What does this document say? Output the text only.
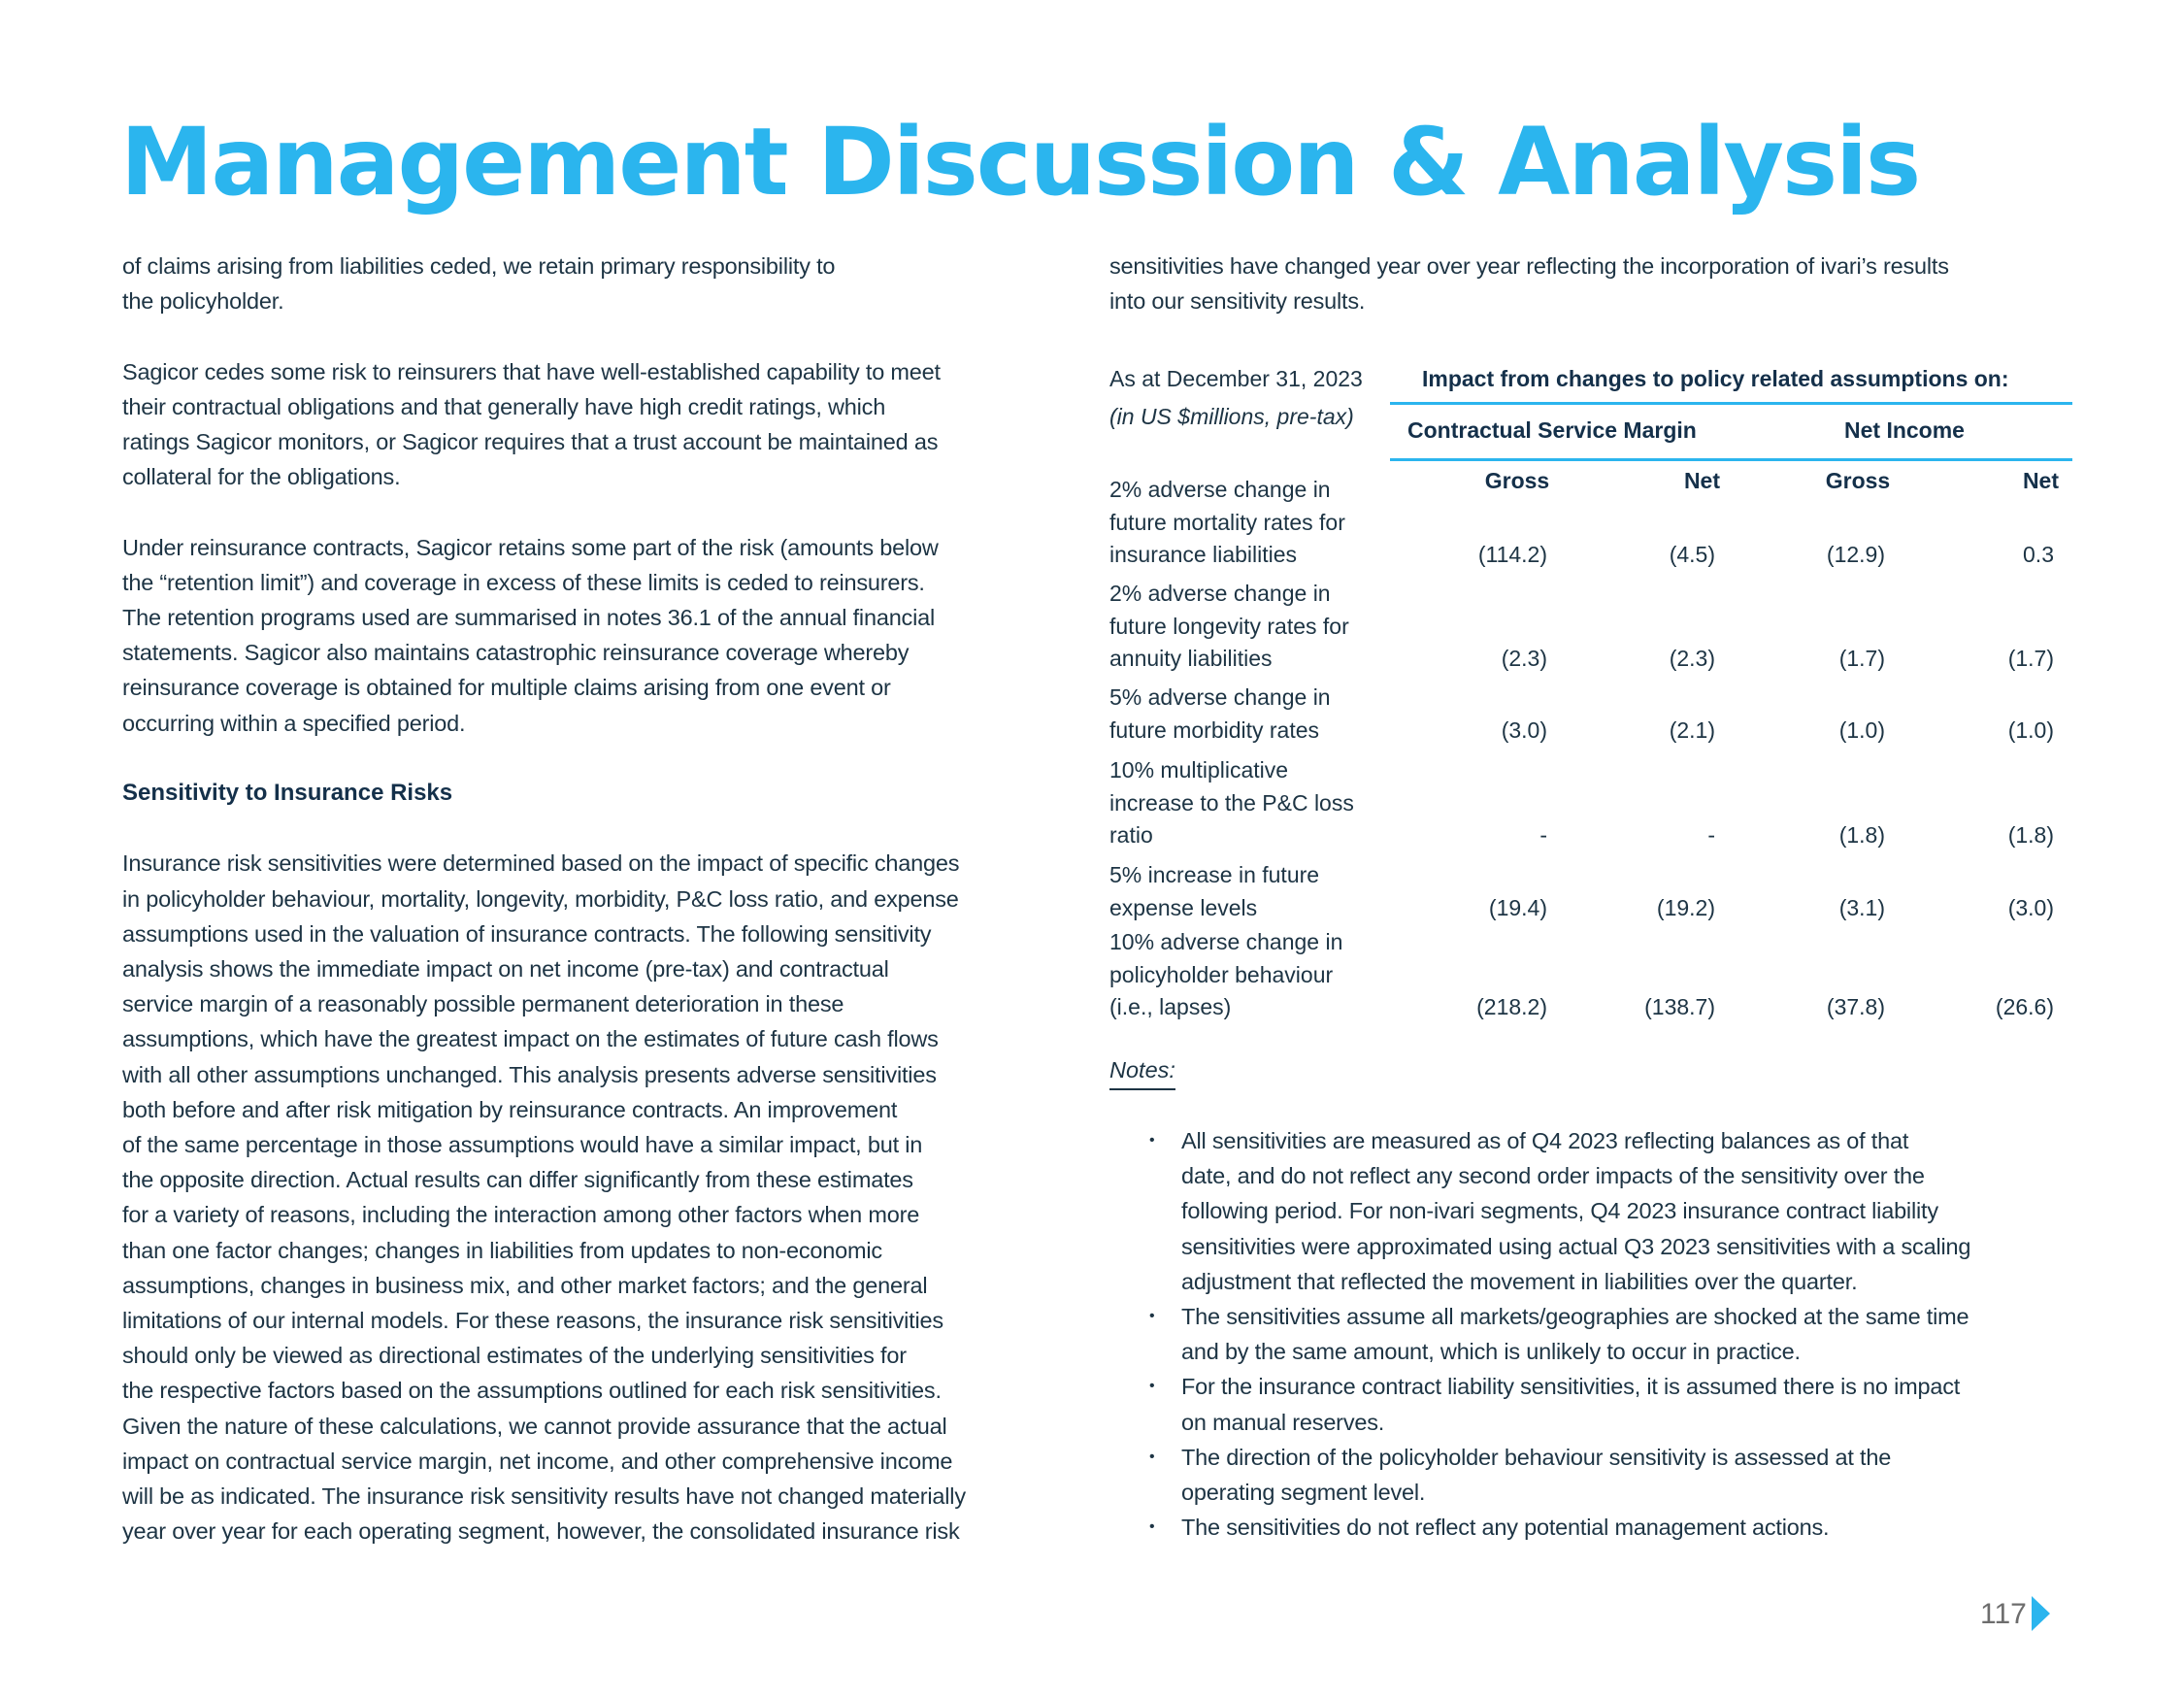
Management Discussion & Analysis

of claims arising from liabilities ceded, we retain primary responsibility to
the policyholder.

Sagicor cedes some risk to reinsurers that have well-established capability to meet
their contractual obligations and that generally have high credit ratings, which
ratings Sagicor monitors, or Sagicor requires that a trust account be maintained as
collateral for the obligations.

Under reinsurance contracts, Sagicor retains some part of the risk (amounts below
the “retention limit”) and coverage in excess of these limits is ceded to reinsurers.
The retention programs used are summarised in notes 36.1 of the annual financial
statements. Sagicor also maintains catastrophic reinsurance coverage whereby
reinsurance coverage is obtained for multiple claims arising from one event or
occurring within a specified period.

Sensitivity to Insurance Risks

Insurance risk sensitivities were determined based on the impact of specific changes
in policyholder behaviour, mortality, longevity, morbidity, P&C loss ratio, and expense
assumptions used in the valuation of insurance contracts. The following sensitivity
analysis shows the immediate impact on net income (pre-tax) and contractual
service margin of a reasonably possible permanent deterioration in these
assumptions, which have the greatest impact on the estimates of future cash flows
with all other assumptions unchanged. This analysis presents adverse sensitivities
both before and after risk mitigation by reinsurance contracts. An improvement
of the same percentage in those assumptions would have a similar impact, but in
the opposite direction. Actual results can differ significantly from these estimates
for a variety of reasons, including the interaction among other factors when more
than one factor changes; changes in liabilities from updates to non-economic
assumptions, changes in business mix, and other market factors; and the general
limitations of our internal models. For these reasons, the insurance risk sensitivities
should only be viewed as directional estimates of the underlying sensitivities for
the respective factors based on the assumptions outlined for each risk sensitivities.
Given the nature of these calculations, we cannot provide assurance that the actual
impact on contractual service margin, net income, and other comprehensive income
will be as indicated. The insurance risk sensitivity results have not changed materially
year over year for each operating segment, however, the consolidated insurance risk

sensitivities have changed year over year reflecting the incorporation of ivari’s results
into our sensitivity results.

As at December 31, 2023
(in US $millions, pre-tax)
Impact from changes to policy related assumptions on:
Contractual Service Margin	Net Income
Gross	Net	Gross	Net
2% adverse change in
future mortality rates for
insurance liabilities	(114.2)	(4.5)	(12.9)	0.3
2% adverse change in
future longevity rates for
annuity liabilities	(2.3)	(2.3)	(1.7)	(1.7)
5% adverse change in
future morbidity rates	(3.0)	(2.1)	(1.0)	(1.0)
10% multiplicative
increase to the P&C loss
ratio	-	-	(1.8)	(1.8)
5% increase in future
expense levels	(19.4)	(19.2)	(3.1)	(3.0)
10% adverse change in
policyholder behaviour
(i.e., lapses)	(218.2)	(138.7)	(37.8)	(26.6)
Notes:
• All sensitivities are measured as of Q4 2023 reflecting balances as of that
date, and do not reflect any second order impacts of the sensitivity over the
following period. For non-ivari segments, Q4 2023 insurance contract liability
sensitivities were approximated using actual Q3 2023 sensitivities with a scaling
adjustment that reflected the movement in liabilities over the quarter.
• The sensitivities assume all markets/geographies are shocked at the same time
and by the same amount, which is unlikely to occur in practice.
• For the insurance contract liability sensitivities, it is assumed there is no impact
on manual reserves.
• The direction of the policyholder behaviour sensitivity is assessed at the
operating segment level.
• The sensitivities do not reflect any potential management actions.
117
